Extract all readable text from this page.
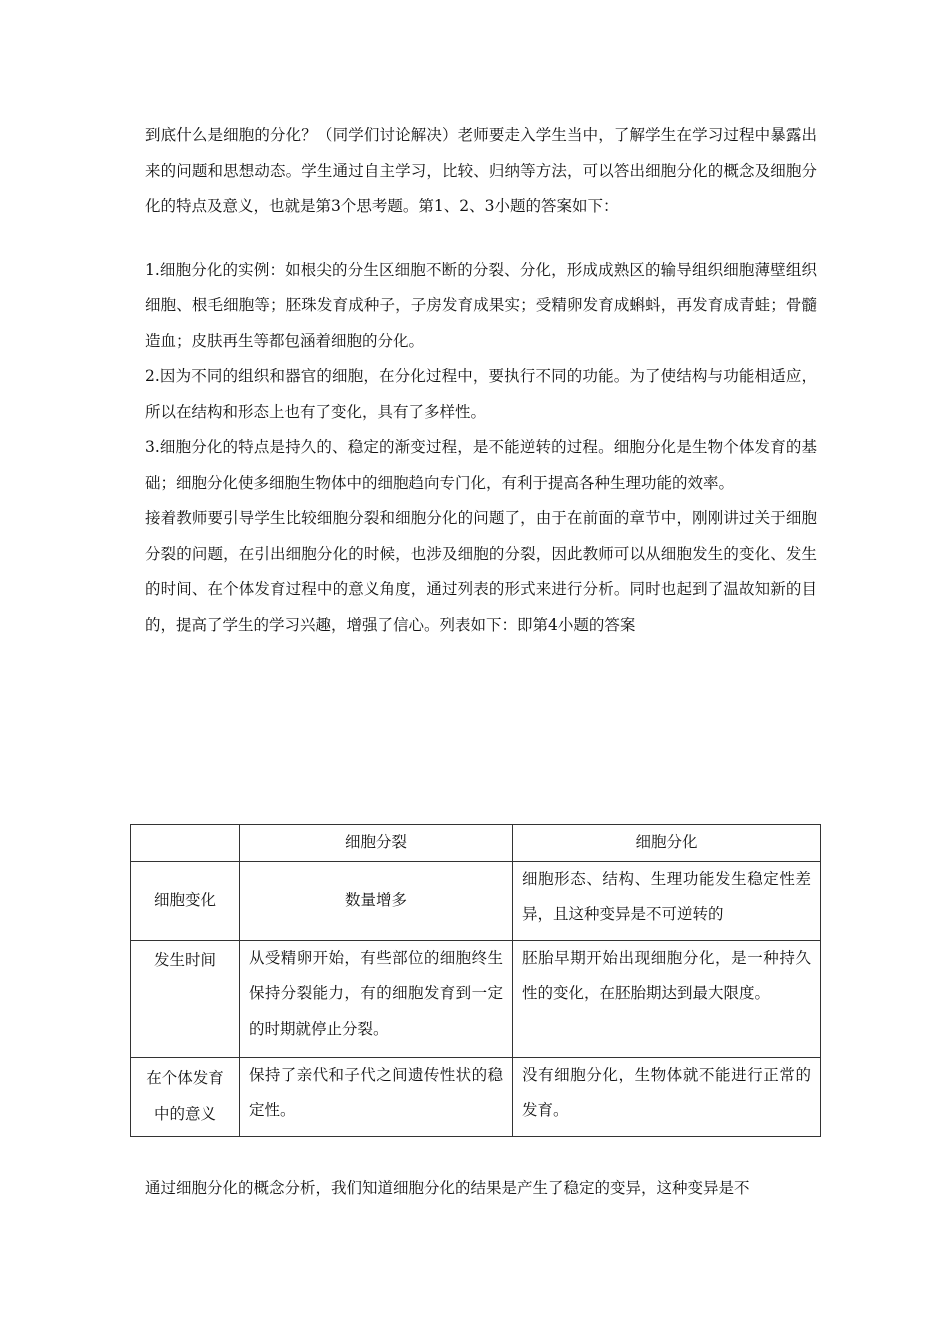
到底什么是细胞的分化？（同学们讨论解决）老师要走入学生当中，了解学生在学习过程中暴露出来的问题和思想动态。学生通过自主学习，比较、归纳等方法，可以答出细胞分化的概念及细胞分化的特点及意义，也就是第3个思考题。第1、2、3小题的答案如下：

1.细胞分化的实例：如根尖的分生区细胞不断的分裂、分化，形成成熟区的输导组织细胞薄壁组织细胞、根毛细胞等；胚珠发育成种子，子房发育成果实；受精卵发育成蝌蚪，再发育成青蛙；骨髓造血；皮肤再生等都包涵着细胞的分化。

2.因为不同的组织和器官的细胞，在分化过程中，要执行不同的功能。为了使结构与功能相适应，所以在结构和形态上也有了变化，具有了多样性。

3.细胞分化的特点是持久的、稳定的渐变过程，是不能逆转的过程。细胞分化是生物个体发育的基础；细胞分化使多细胞生物体中的细胞趋向专门化，有利于提高各种生理功能的效率。

接着教师要引导学生比较细胞分裂和细胞分化的问题了，由于在前面的章节中，刚刚讲过关于细胞分裂的问题，在引出细胞分化的时候，也涉及细胞的分裂，因此教师可以从细胞发生的变化、发生的时间、在个体发育过程中的意义角度，通过列表的形式来进行分析。同时也起到了温故知新的目的，提高了学生的学习兴趣，增强了信心。列表如下：即第4小题的答案

	细胞分裂	细胞分化
细胞变化	数量增多	细胞形态、结构、生理功能发生稳定性差异，且这种变异是不可逆转的
发生时间	从受精卵开始，有些部位的细胞终生保持分裂能力，有的细胞发育到一定的时期就停止分裂。	胚胎早期开始出现细胞分化，是一种持久性的变化，在胚胎期达到最大限度。
在个体发育中的意义	保持了亲代和子代之间遗传性状的稳定性。	没有细胞分化，生物体就不能进行正常的发育。

通过细胞分化的概念分析，我们知道细胞分化的结果是产生了稳定的变异，这种变异是不
